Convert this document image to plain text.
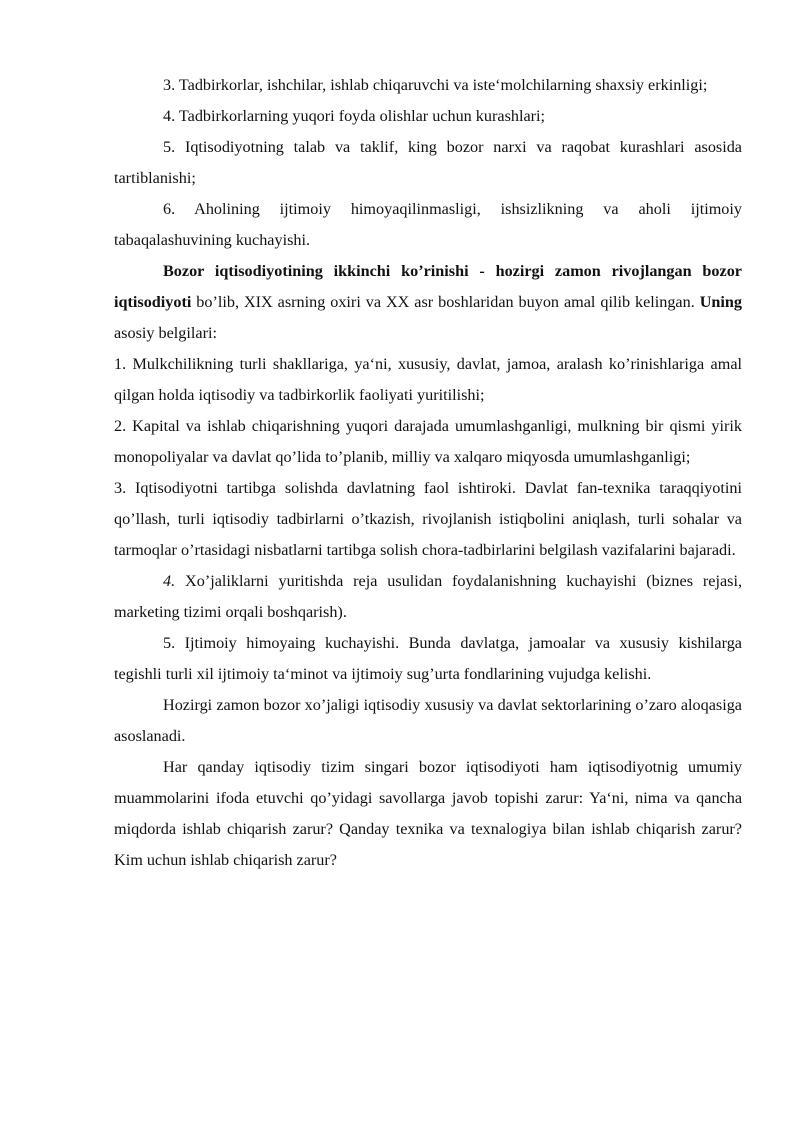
3. Tadbirkorlar, ishchilar, ishlab chiqaruvchi va iste‘molchilarning shaxsiy erkinligi;

4. Tadbirkorlarning yuqori foyda olishlar uchun kurashlari;

5. Iqtisodiyotning talab va taklif, king bozor narxi va raqobat kurashlari asosida tartiblanishi;

6. Aholining ijtimoiy himoyaqilinmasligi, ishsizlikning va aholi ijtimoiy tabaqalashuvining kuchayishi.

Bozor iqtisodiyotining ikkinchi ko’rinishi - hozirgi zamon rivojlangan bozor iqtisodiyoti bo’lib, XIX asrning oxiri va XX asr boshlaridan buyon amal qilib kelingan. Uning asosiy belgilari:

1. Mulkchilikning turli shakllariga, ya‘ni, xususiy, davlat, jamoa, aralash ko’rinishlariga amal qilgan holda iqtisodiy va tadbirkorlik faoliyati yuritilishi;

2. Kapital va ishlab chiqarishning yuqori darajada umumlashganligi, mulkning bir qismi yirik monopoliyalar va davlat qo’lida to’planib, milliy va xalqaro miqyosda umumlashganligi;

3. Iqtisodiyotni tartibga solishda davlatning faol ishtiroki. Davlat fan-texnika taraqqiyotini qo’llash, turli iqtisodiy tadbirlarni o’tkazish, rivojlanish istiqbolini aniqlash, turli sohalar va tarmoqlar o’rtasidagi nisbatlarni tartibga solish chora-tadbirlarini belgilash vazifalarini bajaradi.

4. Xo’jaliklarni yuritishda reja usulidan foydalanishning kuchayishi (biznes rejasi, marketing tizimi orqali boshqarish).

5. Ijtimoiy himoyaing kuchayishi. Bunda davlatga, jamoalar va xususiy kishilarga tegishli turli xil ijtimoiy ta‘minot va ijtimoiy sug’urta fondlarining vujudga kelishi.

Hozirgi zamon bozor xo’jaligi iqtisodiy xususiy va davlat sektorlarining o’zaro aloqasiga asoslanadi.

Har qanday iqtisodiy tizim singari bozor iqtisodiyoti ham iqtisodiyotnig umumiy muammolarini ifoda etuvchi qo’yidagi savollarga javob topishi zarur: Ya‘ni, nima va qancha miqdorda ishlab chiqarish zarur? Qanday texnika va texnalogiya bilan ishlab chiqarish zarur? Kim uchun ishlab chiqarish zarur?
